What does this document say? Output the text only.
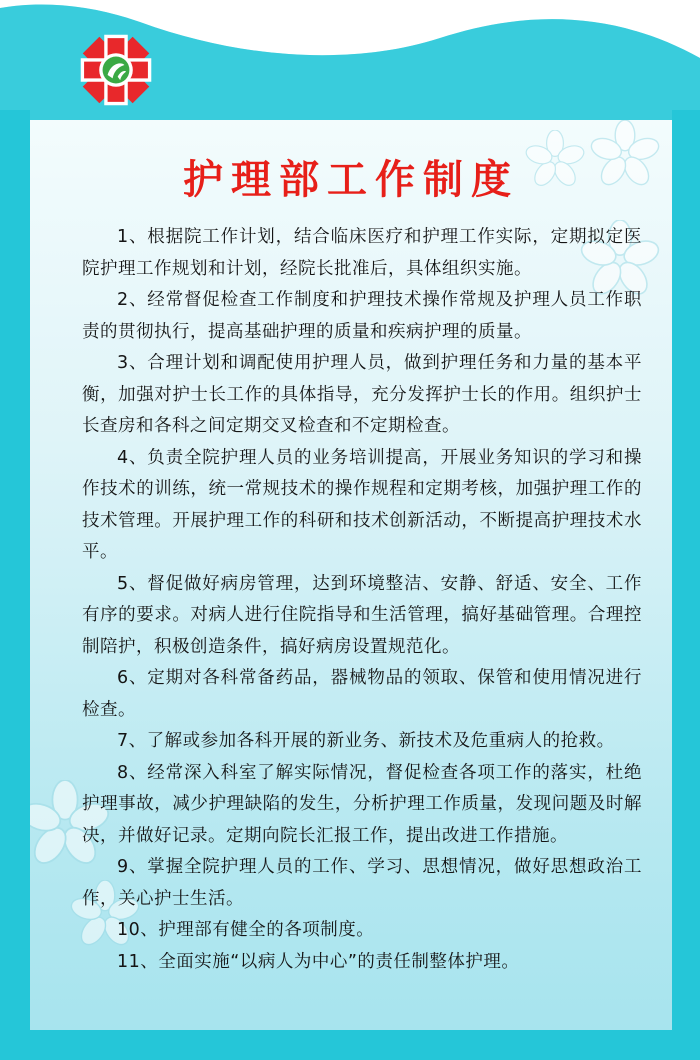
护理部工作制度
1、根据院工作计划，结合临床医疗和护理工作实际，定期拟定医院护理工作规划和计划，经院长批准后，具体组织实施。
2、经常督促检查工作制度和护理技术操作常规及护理人员工作职责的贯彻执行，提高基础护理的质量和疾病护理的质量。
3、合理计划和调配使用护理人员，做到护理任务和力量的基本平衡，加强对护士长工作的具体指导，充分发挥护士长的作用。组织护士长查房和各科之间定期交叉检查和不定期检查。
4、负责全院护理人员的业务培训提高，开展业务知识的学习和操作技术的训练，统一常规技术的操作规程和定期考核，加强护理工作的技术管理。开展护理工作的科研和技术创新活动，不断提高护理技术水平。
5、督促做好病房管理，达到环境整洁、安静、舒适、安全、工作有序的要求。对病人进行住院指导和生活管理，搞好基础管理。合理控制陪护，积极创造条件，搞好病房设置规范化。
6、定期对各科常备药品，器械物品的领取、保管和使用情况进行检查。
7、了解或参加各科开展的新业务、新技术及危重病人的抢救。
8、经常深入科室了解实际情况，督促检查各项工作的落实，杜绝护理事故，减少护理缺陷的发生，分析护理工作质量，发现问题及时解决，并做好记录。定期向院长汇报工作，提出改进工作措施。
9、掌握全院护理人员的工作、学习、思想情况，做好思想政治工作，关心护士生活。
10、护理部有健全的各项制度。
11、全面实施“以病人为中心”的责任制整体护理。
